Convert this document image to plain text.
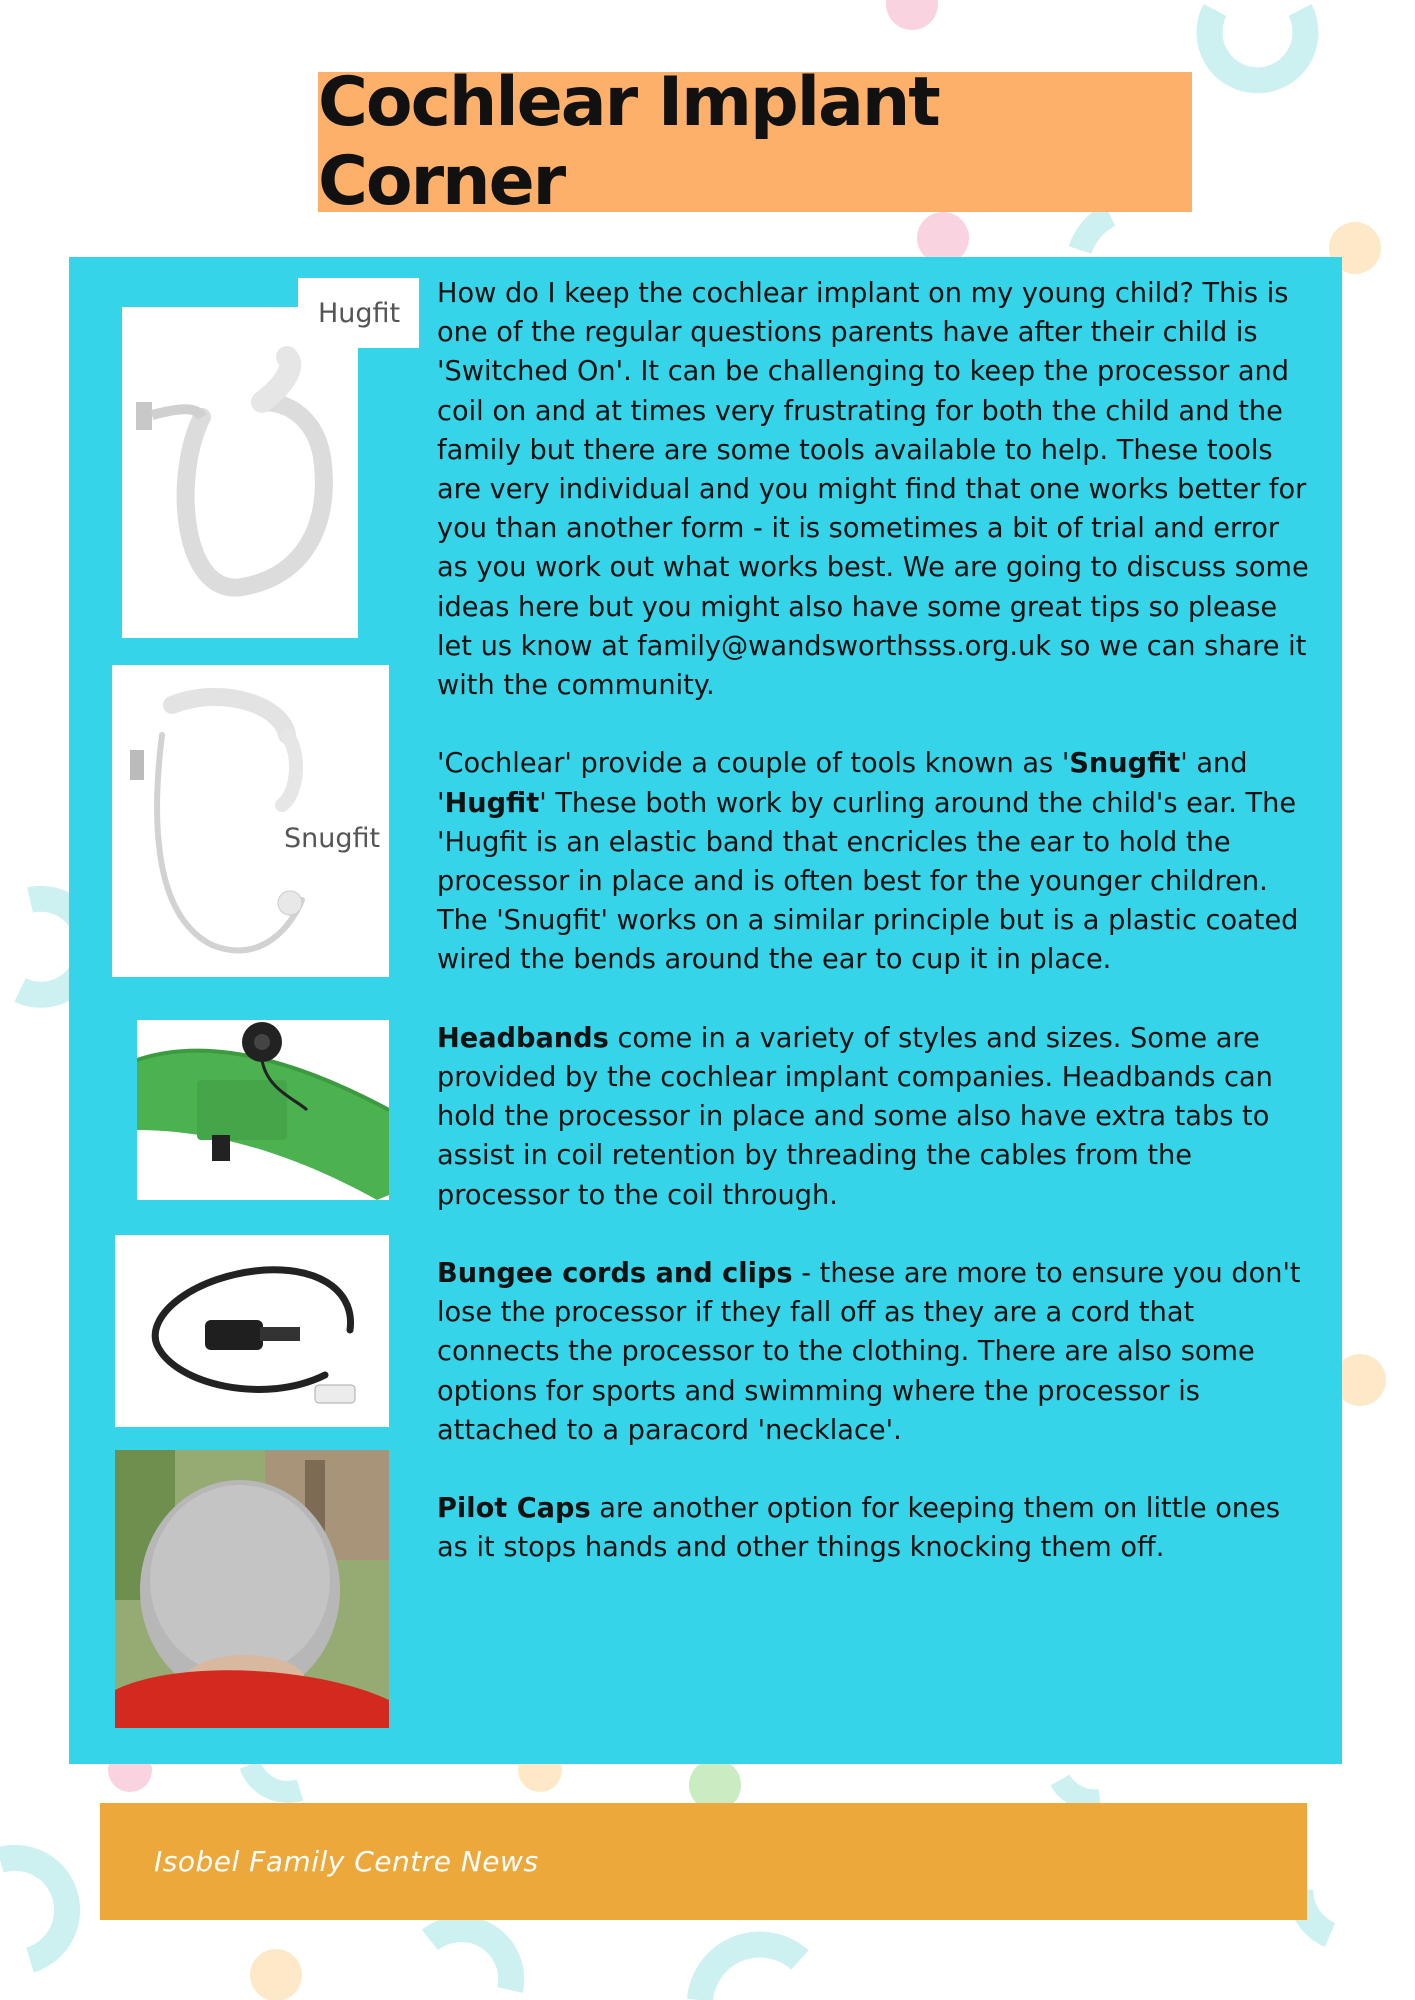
Cochlear Implant Corner
Hugfit
Snugfit

How do I keep the cochlear implant on my young child? This is one of the regular questions parents have after their child is 'Switched On'. It can be challenging to keep the processor and coil on and at times very frustrating for both the child and the family but there are some tools available to help. These tools are very individual and you might find that one works better for you than another form - it is sometimes a bit of trial and error as you work out what works best. We are going to discuss some ideas here but you might also have some great tips so please let us know at family@wandsworthsss.org.uk so we can share it with the community.

'Cochlear' provide a couple of tools known as 'Snugfit' and 'Hugfit' These both work by curling around the child's ear. The 'Hugfit is an elastic band that encricles the ear to hold the processor in place and is often best for the younger children. The 'Snugfit' works on a similar principle but is a plastic coated wired the bends around the ear to cup it in place.

Headbands come in a variety of styles and sizes. Some are provided by the cochlear implant companies. Headbands can hold the processor in place and some also have extra tabs to assist in coil retention by threading the cables from the processor to the coil through.

Bungee cords and clips - these are more to ensure you don't lose the processor if they fall off as they are a cord that connects the processor to the clothing. There are also some options for sports and swimming where the processor is attached to a paracord 'necklace'.

Pilot Caps are another option for keeping them on little ones as it stops hands and other things knocking them off.

Isobel Family Centre News
